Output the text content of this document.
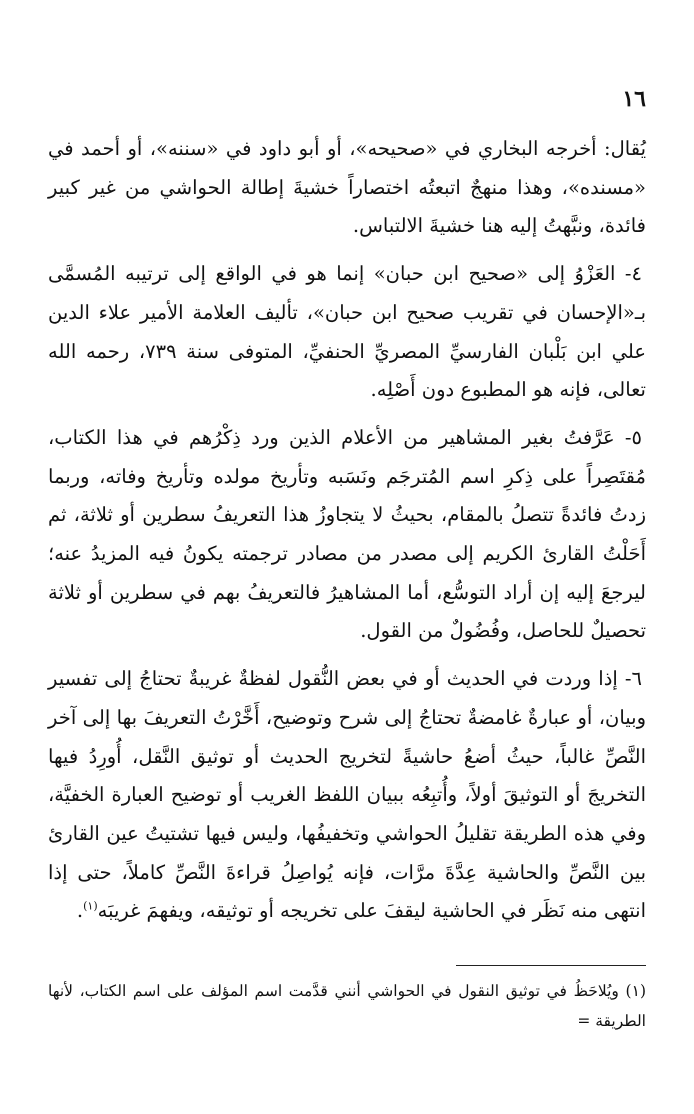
١٦

يُقال: أخرجه البخاري في «صحيحه»، أو أبو داود في «سننه»، أو أحمد في «مسنده»، وهذا منهجٌ اتبعتُه اختصاراً خشيةَ إطالة الحواشي من غير كبير فائدة، ونبَّهتُ إليه هنا خشيةَ الالتباس.

٤- العَزْوُ إلى «صحيح ابن حبان» إنما هو في الواقع إلى ترتيبه المُسمَّى بـ«الإحسان في تقريب صحيح ابن حبان»، تأليف العلامة الأمير علاء الدين علي ابن بَلْبان الفارسيِّ المصريِّ الحنفيِّ، المتوفى سنة ٧٣٩، رحمه الله تعالى، فإنه هو المطبوع دون أَصْلِه.

٥- عَرَّفتُ بغير المشاهير من الأعلام الذين ورد ذِكْرُهم في هذا الكتاب، مُقتَصِراً على ذِكرِ اسم المُترجَم ونَسَبه وتأريخ مولده وتأريخ وفاته، وربما زدتُ فائدةً تتصلُ بالمقام، بحيثُ لا يتجاوزُ هذا التعريفُ سطرين أو ثلاثة، ثم أَحَلْتُ القارئ الكريم إلى مصدر من مصادر ترجمته يكونُ فيه المزيدُ عنه؛ ليرجعَ إليه إن أراد التوسُّع، أما المشاهيرُ فالتعريفُ بهم في سطرين أو ثلاثة تحصيلٌ للحاصل، وفُضُولٌ من القول.

٦- إذا وردت في الحديث أو في بعض النُّقول لفظةٌ غريبةٌ تحتاجُ إلى تفسير وبيان، أو عبارةٌ غامضةٌ تحتاجُ إلى شرح وتوضيح، أَخَّرْتُ التعريفَ بها إلى آخر النَّصِّ غالباً، حيثُ أضعُ حاشيةً لتخريج الحديث أو توثيق النَّقل، أُورِدُ فيها التخريجَ أو التوثيقَ أولاً، وأُتبِعُه ببيان اللفظ الغريب أو توضيح العبارة الخفيَّة، وفي هذه الطريقة تقليلُ الحواشي وتخفيفُها، وليس فيها تشتيتُ عين القارئ بين النَّصِّ والحاشية عِدَّةَ مرَّات، فإنه يُواصِلُ قراءةَ النَّصِّ كاملاً، حتى إذا انتهى منه نَظَر في الحاشية ليقفَ على تخريجه أو توثيقه، ويفهمَ غريبَه$^{(١)}$.

(١) ويُلاحَظُ في توثيق النقول في الحواشي أنني قدَّمت اسم المؤلف على اسم الكتاب، لأنها الطريقة =
